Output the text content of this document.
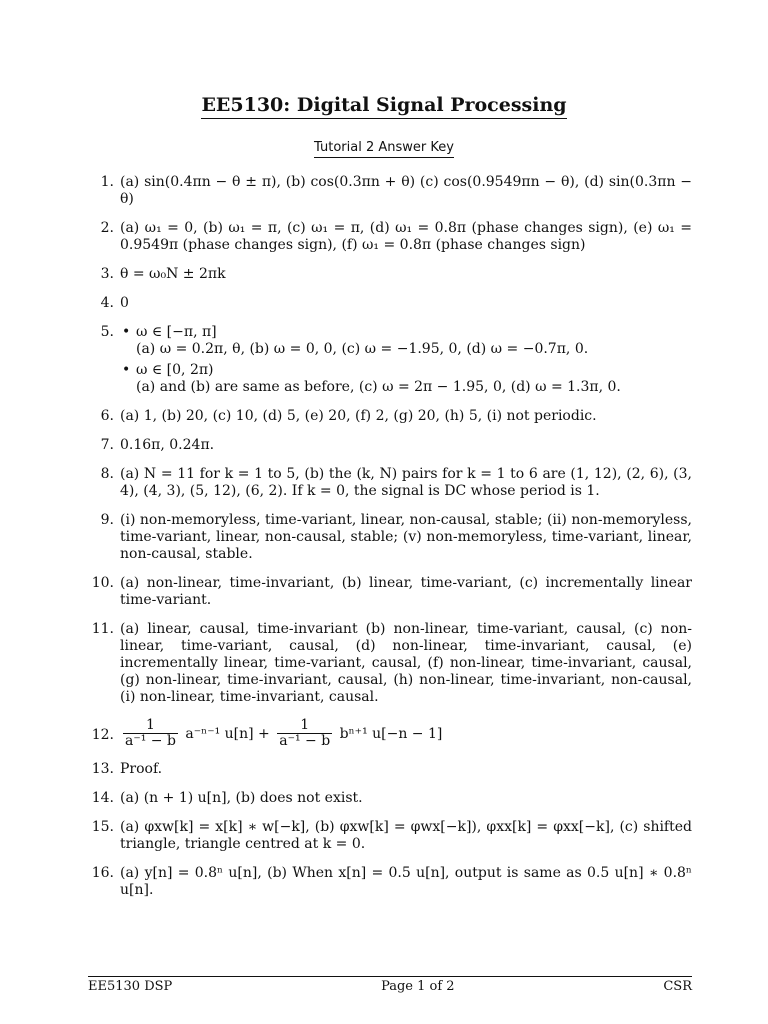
EE5130: Digital Signal Processing
Tutorial 2 Answer Key
1. (a) sin(0.4πn − θ ± π), (b) cos(0.3πn + θ) (c) cos(0.9549πn − θ), (d) sin(0.3πn − θ)
2. (a) ω₁ = 0, (b) ω₁ = π, (c) ω₁ = π, (d) ω₁ = 0.8π (phase changes sign), (e) ω₁ = 0.9549π (phase changes sign), (f) ω₁ = 0.8π (phase changes sign)
3. θ = ω₀N ± 2πk
4. 0
5. • ω ∈ [−π, π]
(a) ω = 0.2π, θ, (b) ω = 0, 0, (c) ω = −1.95, 0, (d) ω = −0.7π, 0.
• ω ∈ [0, 2π)
(a) and (b) are same as before, (c) ω = 2π − 1.95, 0, (d) ω = 1.3π, 0.
6. (a) 1, (b) 20, (c) 10, (d) 5, (e) 20, (f) 2, (g) 20, (h) 5, (i) not periodic.
7. 0.16π, 0.24π.
8. (a) N = 11 for k = 1 to 5, (b) the (k, N) pairs for k = 1 to 6 are (1, 12), (2, 6), (3, 4), (4, 3), (5, 12), (6, 2). If k = 0, the signal is DC whose period is 1.
9. (i) non-memoryless, time-variant, linear, non-causal, stable; (ii) non-memoryless, time-variant, linear, non-causal, stable; (v) non-memoryless, time-variant, linear, non-causal, stable.
10. (a) non-linear, time-invariant, (b) linear, time-variant, (c) incrementally linear time-variant.
11. (a) linear, causal, time-invariant (b) non-linear, time-variant, causal, (c) non-linear, time-variant, causal, (d) non-linear, time-invariant, causal, (e) incrementally linear, time-variant, causal, (f) non-linear, time-invariant, causal, (g) non-linear, time-invariant, causal, (h) non-linear, time-invariant, non-causal, (i) non-linear, time-invariant, causal.
12. $\frac{1}{\text{a⁻¹ − b}} a^{-n-1}$ $u[n] + \frac{1}{\text{a⁻¹ − b}} b^{n+1}$ u[−n − 1]
13. Proof.
14. (a) (n + 1) u[n], (b) does not exist.
15. (a) φxw[k] = x[k] ∗ w[−k], (b) φxw[k] = φwx[−k]), φxx[k] = φxx[−k], (c) shifted triangle, triangle centred at k = 0.
16. (a) y[n] = 0.8ⁿ u[n], (b) When x[n] = 0.5 u[n], output is same as 0.5 u[n] ∗ 0.8ⁿ u[n].
EE5130 DSP	Page 1 of 2	CSR
